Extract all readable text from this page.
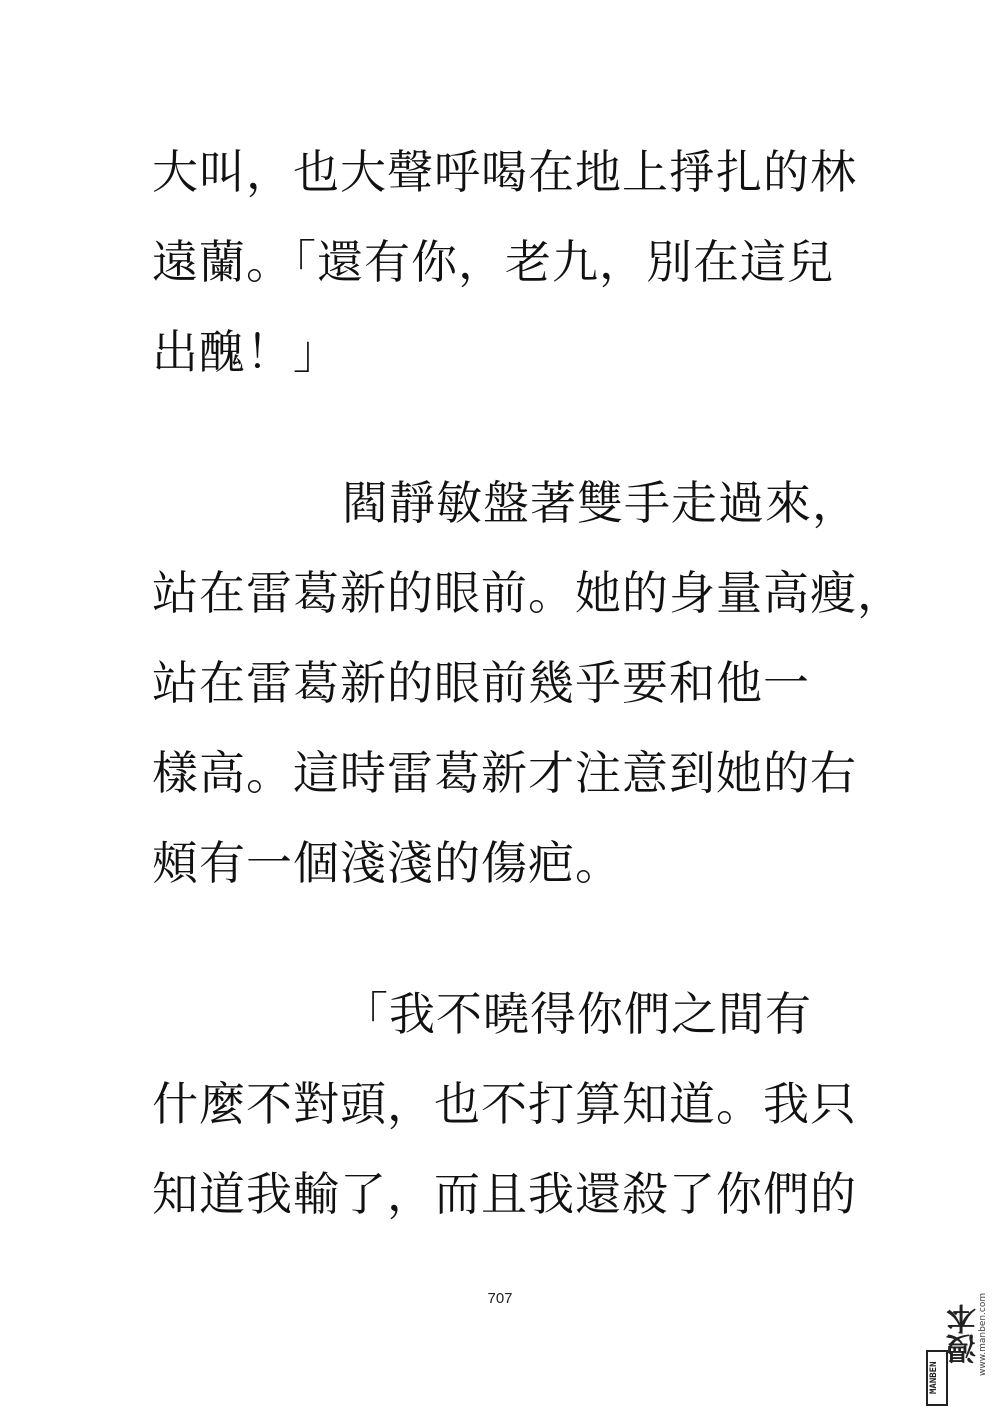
大叫，也大聲呼喝在地上掙扎的林
遠蘭。「還有你，老九，別在這兒
出醜！」
閻靜敏盤著雙手走過來，
站在雷葛新的眼前。她的身量高瘦，
站在雷葛新的眼前幾乎要和他一
樣高。這時雷葛新才注意到她的右
頰有一個淺淺的傷疤。
「我不曉得你們之間有
什麼不對頭，也不打算知道。我只
知道我輸了，而且我還殺了你們的
707
MANBEN
漫本
www.manben.com
